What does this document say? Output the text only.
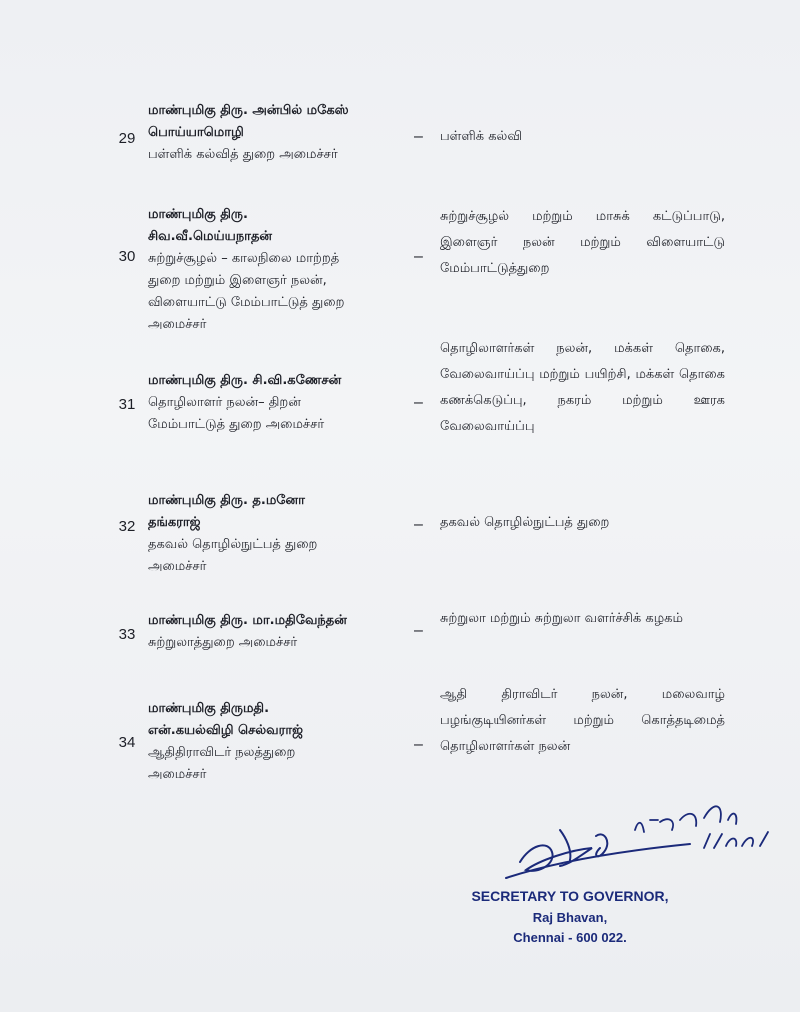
29
மாண்புமிகு திரு. அன்பில் மகேஸ்
பொய்யாமொழி
பள்ளிக் கல்வித் துறை அமைச்சர்
– பள்ளிக் கல்வி
30
மாண்புமிகு திரு.
சிவ.வீ.மெய்யநாதன்
சுற்றுச்சூழல் – காலநிலை மாற்றத்
துறை மற்றும் இளைஞர் நலன்,
விளையாட்டு மேம்பாட்டுத் துறை
அமைச்சர்
–
சுற்றுச்சூழல் மற்றும் மாசுக் கட்டுப்பாடு, இளைஞர் நலன் மற்றும் விளையாட்டு மேம்பாட்டுத்துறை
31
மாண்புமிகு திரு. சி.வி.கணேசன்
தொழிலாளர் நலன்– திறன்
மேம்பாட்டுத் துறை அமைச்சர்
–
தொழிலாளர்கள் நலன், மக்கள் தொகை, வேலைவாய்ப்பு மற்றும் பயிற்சி, மக்கள் தொகை கணக்கெடுப்பு, நகரம் மற்றும் ஊரக வேலைவாய்ப்பு
32
மாண்புமிகு திரு. த.மனோ
தங்கராஜ்
தகவல் தொழில்நுட்பத் துறை
அமைச்சர்
– தகவல் தொழில்நுட்பத் துறை
33
மாண்புமிகு திரு. மா.மதிவேந்தன்
சுற்றுலாத்துறை அமைச்சர்
–
சுற்றுலா மற்றும் சுற்றுலா வளர்ச்சிக் கழகம்
34
மாண்புமிகு திருமதி.
என்.கயல்விழி செல்வராஜ்
ஆதிதிராவிடர் நலத்துறை
அமைச்சர்
–
ஆதி திராவிடர் நலன், மலைவாழ் பழங்குடியினர்கள் மற்றும் கொத்தடிமைத் தொழிலாளர்கள் நலன்
SECRETARY TO GOVERNOR,
Raj Bhavan,
Chennai - 600 022.
